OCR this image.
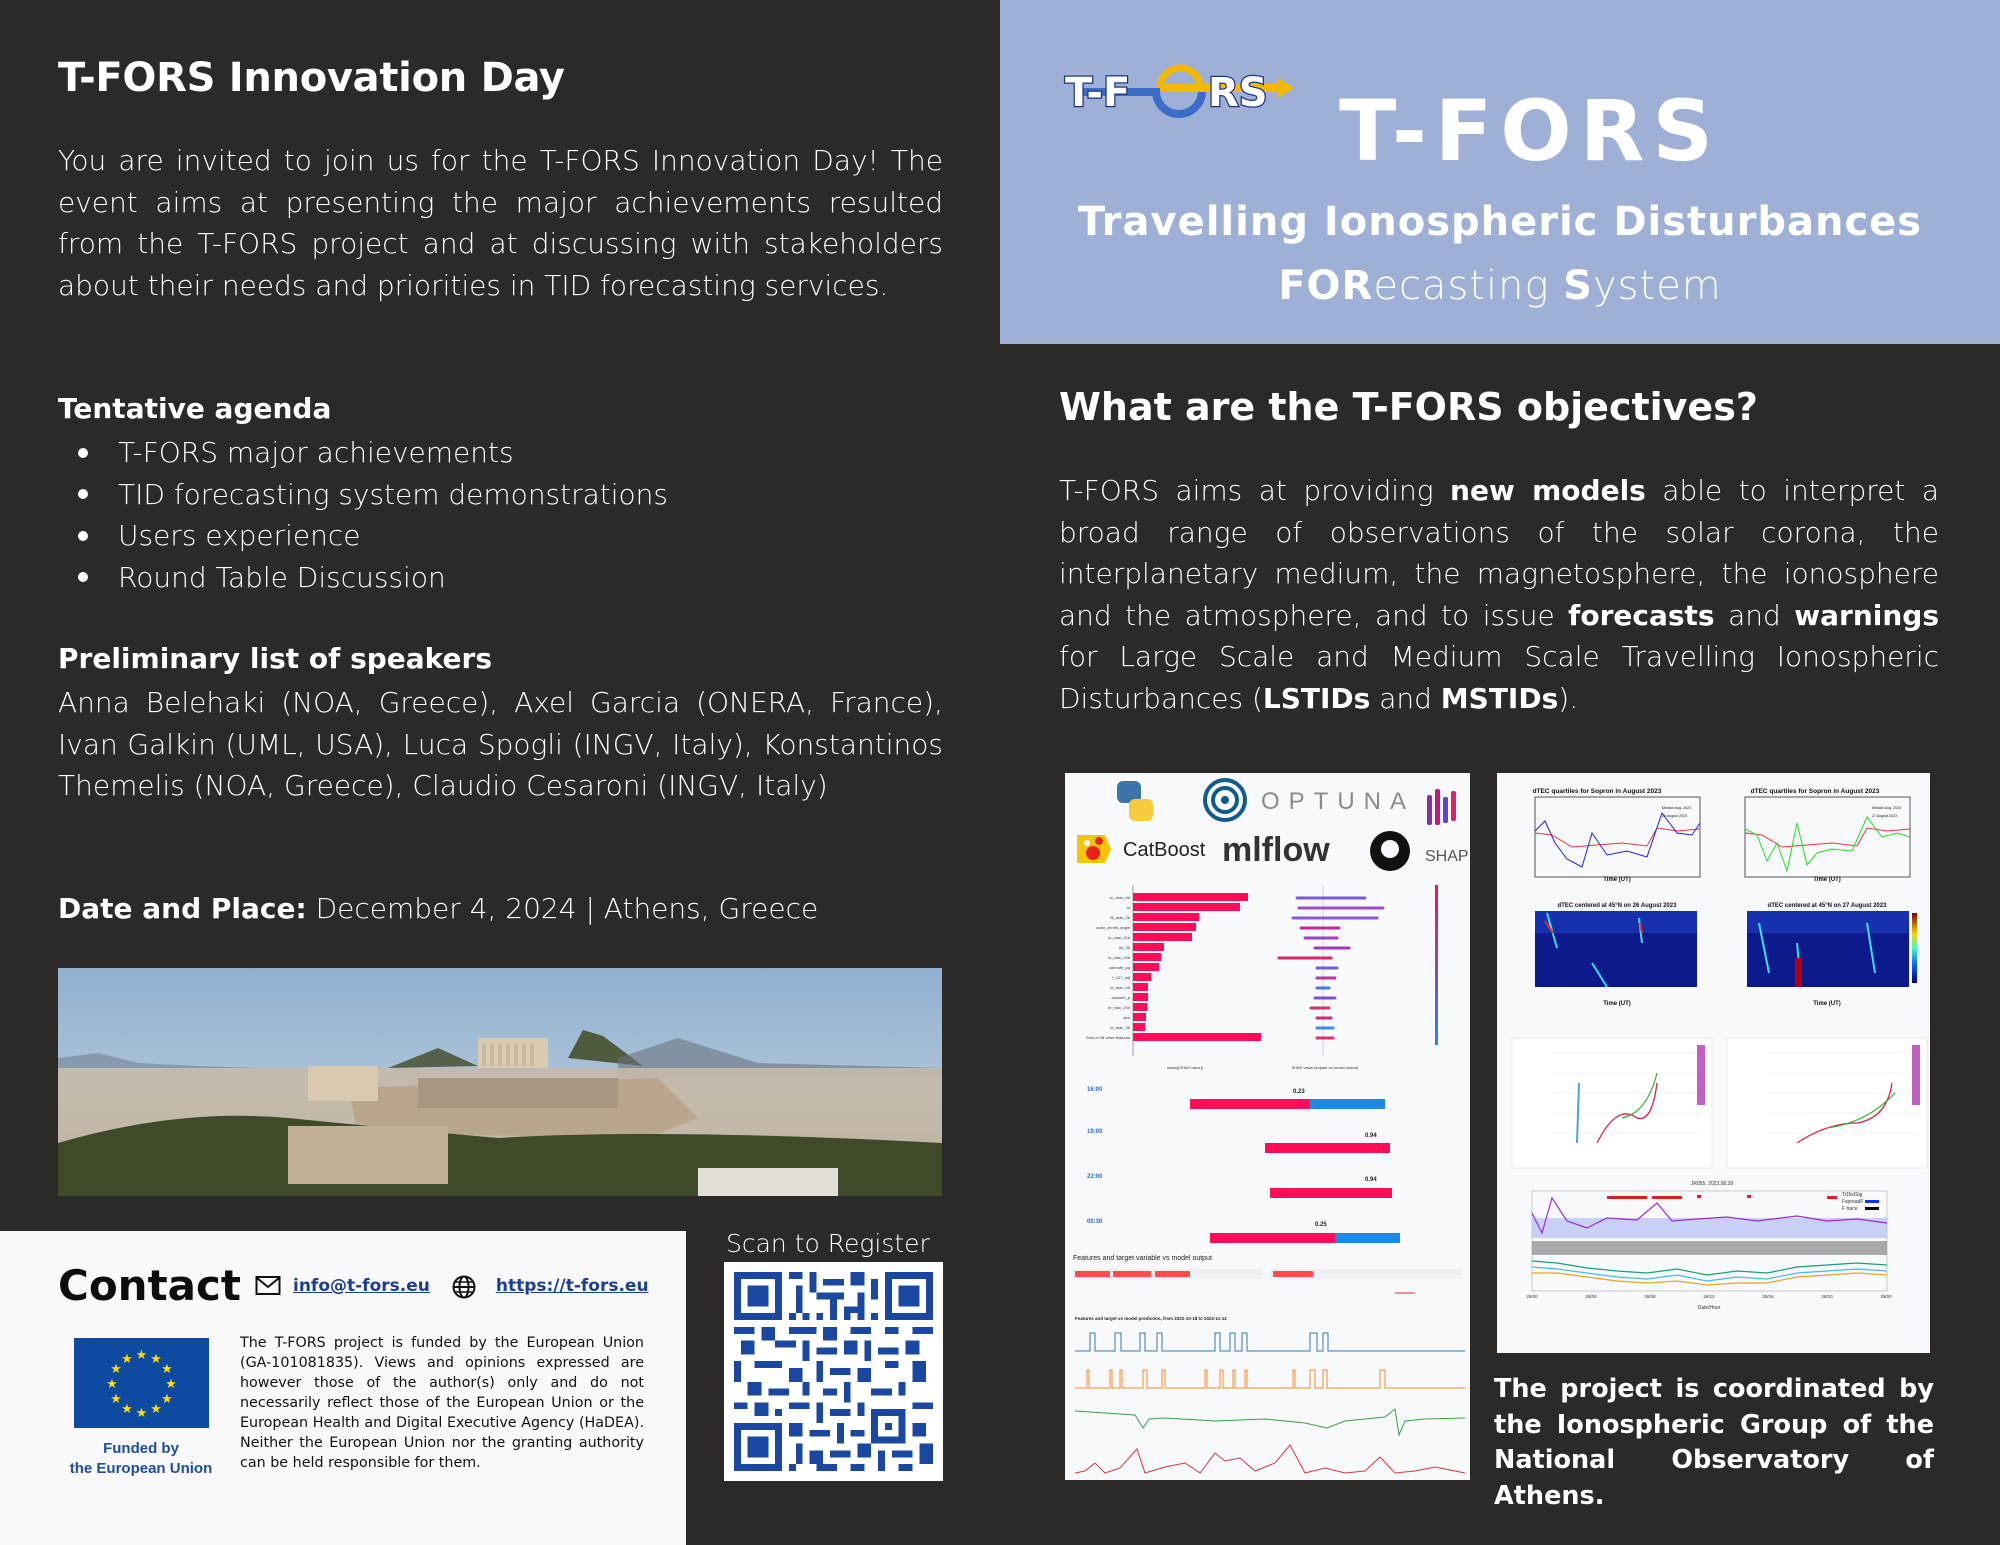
T-FORS Innovation Day

You are invited to join us for the T-FORS Innovation Day! The event aims at presenting the major achievements resulted from the T-FORS project and at discussing with stakeholders about their needs and priorities in TID forecasting services.

Tentative agenda
T-FORS major achievements
TID forecasting system demonstrations
Users experience
Round Table Discussion
Preliminary list of speakers

Anna Belehaki (NOA, Greece), Axel Garcia (ONERA, France), Ivan Galkin (UML, USA), Luca Spogli (INGV, Italy), Konstantinos Themelis (NOA, Greece), Claudio Cesaroni (INGV, Italy)

Date and Place: December 4, 2024 | Athens, Greece

Contact	info@t-fors.eu	https://t-fors.eu
★ ★
★
★
★
★
★
★
★
★
★
★
Funded by
the European Union

The T-FORS project is funded by the European Union (GA-101081835). Views and opinions expressed are however those of the author(s) only and do not necessarily reflect those of the European Union or the European Health and Digital Executive Agency (HaDEA). Neither the European Union nor the granting authority can be held responsible for them.

Scan to Register
T-F RS T-FORS
Travelling Ionospheric Disturbances
FORecasting System
What are the T-FORS objectives?

T-FORS aims at providing new models able to interpret a broad range of observations of the solar corona, the interplanetary medium, the magnetosphere, the ionosphere and the atmosphere, and to issue forecasts and warnings for Large Scale and Medium Scale Travelling Ionospheric Disturbances (LSTIDs and MSTIDs).

OPTUNA
SHAP
CatBoost mlflow
iu_mav_6h
hf
hf_mav_2h
solar_zenith_angle
iu_mav_12h
hp_30
iu_mav_24h
azimuth_pq
f_107_adj
ie_mav_6h
azimuth_jr
ie_mav_24h
smr
ie_mav_3h
Sum of 38 other features
mean(|SHAP value|)	SHAP value (impact on model output)
16:00	0.23
19:00
0.94
22:00	0.94
00:30	0.25
Features and target variable vs model output
Features and target vs model prediction, from 2022-10-18 to 2022-11-12
dTEC quartiles for Sopron in August 2023
Time (UT)
Median Aug. 2023
26 August 2023
dTEC quartiles for Sopron in August 2023
Time (UT)
Median Aug. 2023
27 August 2023
dTEC centered at 45°N on 26 August 2023
Time (UT)
dTEC centered at 45°N on 27 August 2023
Time (UT)
JR055, 2023.08.28
TrDistSig
FspreadF
F trace
28/00	28/04	28/08	28/12	28/16	28/20	29/00
Date/Hour

The project is coordinated by the Ionospheric Group of the National Observatory of Athens.
